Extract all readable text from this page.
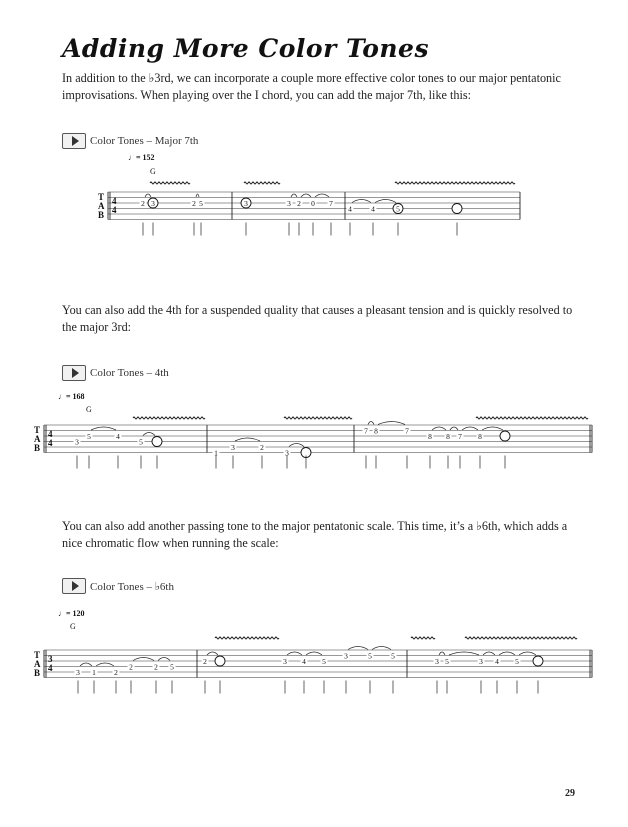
Adding More Color Tones

In addition to the ♭3rd, we can incorporate a couple more effective color tones to our major pentatonic improvisations. When playing over the I chord, you can add the major 7th, like this:

Color Tones – Major 7th
♩= 152
G
T
A
B
4
4
2 3	2 5	3	3 2 0 7
4	4	5

You can also add the 4th for a suspended quality that causes a pleasant tension and is quickly resolved to the major 3rd:

Color Tones – 4th
♩= 168
G
T
A
B
4
4	3
5	4
5
1
3	2
3
7 8	7
8 8 7 8

You can also add another passing tone to the major pentatonic scale. This time, it’s a ♭6th, which adds a nice chromatic flow when running the scale:

Color Tones – ♭6th
♩= 120
G
T
A
B
3
4	3 1 2
2	2 5
2	3 4 5
3	5	5
3 5	3 4 5
29
